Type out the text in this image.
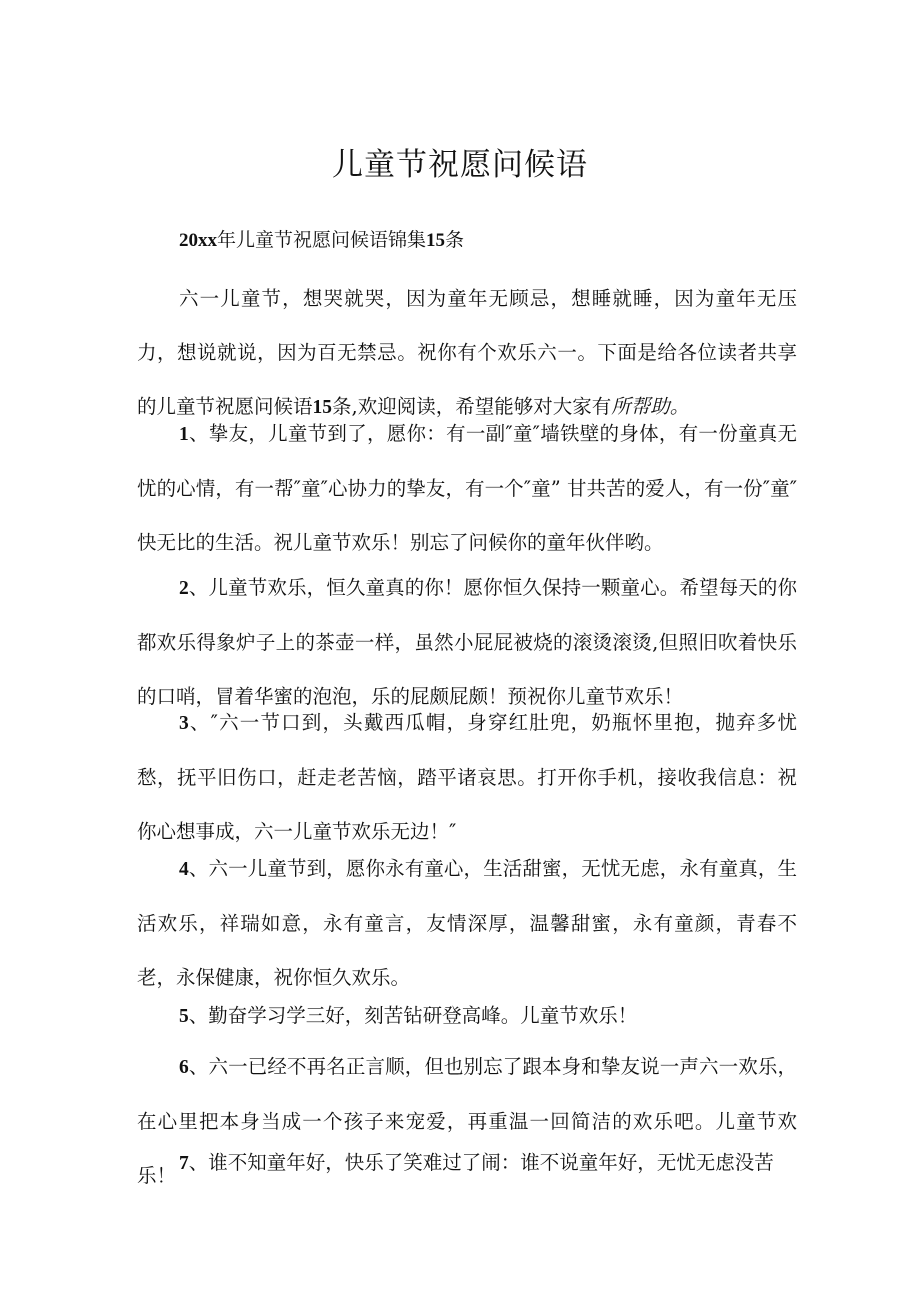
儿童节祝愿问候语

20xx年儿童节祝愿问候语锦集15条

六一儿童节，想哭就哭，因为童年无顾忌，想睡就睡，因为童年无压力，想说就说，因为百无禁忌。祝你有个欢乐六一。下面是给各位读者共享的儿童节祝愿问候语15条,欢迎阅读，希望能够对大家有所帮助。

1、挚友，儿童节到了，愿你：有一副″童″墙铁壁的身体，有一份童真无忧的心情，有一帮″童″心协力的挚友，有一个″童” 甘共苦的爱人，有一份″童″快无比的生活。祝儿童节欢乐！别忘了问候你的童年伙伴哟。

2、儿童节欢乐，恒久童真的你！愿你恒久保持一颗童心。希望每天的你都欢乐得象炉子上的茶壶一样，虽然小屁屁被烧的滚烫滚烫,但照旧吹着快乐的口哨，冒着华蜜的泡泡，乐的屁颇屁颇！预祝你儿童节欢乐！

3、″六一节口到，头戴西瓜帽，身穿红肚兜，奶瓶怀里抱，抛弃多忧愁，抚平旧伤口，赶走老苦恼，踏平诸哀思。打开你手机，接收我信息：祝你心想事成，六一儿童节欢乐无边！″

4、六一儿童节到，愿你永有童心，生活甜蜜，无忧无虑，永有童真，生活欢乐，祥瑞如意，永有童言，友情深厚，温馨甜蜜，永有童颜，青春不老，永保健康，祝你恒久欢乐。

5、勤奋学习学三好，刻苦钻研登高峰。儿童节欢乐！

6、六一已经不再名正言顺，但也别忘了跟本身和挚友说一声六一欢乐，在心里把本身当成一个孩子来宠爱，再重温一回简洁的欢乐吧。儿童节欢乐！

7、谁不知童年好，快乐了笑难过了闹：谁不说童年好，无忧无虑没苦
